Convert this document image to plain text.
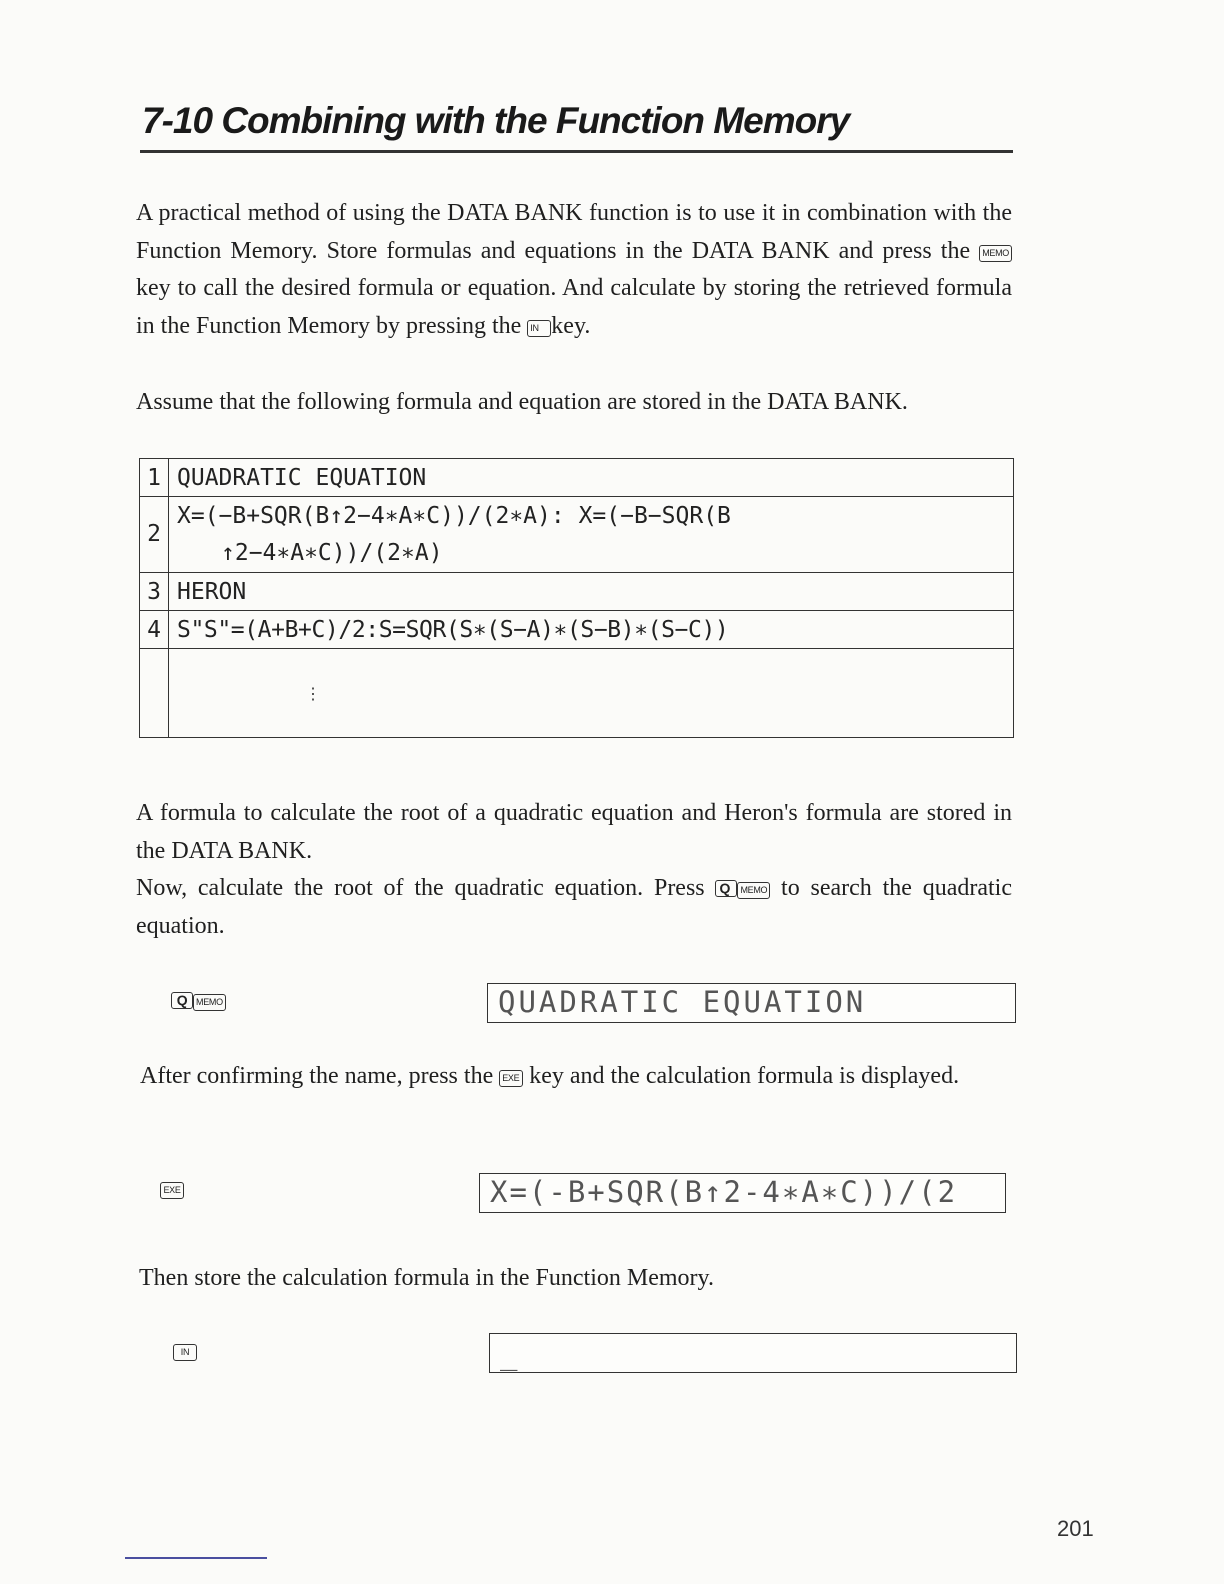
7-10 Combining with the Function Memory

A practical method of using the DATA BANK function is to use it in combination with the Function Memory. Store formulas and equations in the DATA BANK and press the MEMO key to call the desired formula or equation. And calculate by storing the retrieved formula in the Function Memory by pressing the IN key.

Assume that the following formula and equation are stored in the DATA BANK.

1	QUADRATIC EQUATION
2	X=(−B+SQR(B↑2−4∗A∗C))/(2∗A): X=(−B−SQR(B
↑2−4∗A∗C))/(2∗A)

3	HERON
4	S"S"=(A+B+C)/2:S=SQR(S∗(S−A)∗(S−B)∗(S−C))

	⋮

A formula to calculate the root of a quadratic equation and Heron's formula are stored in the DATA BANK.

Now, calculate the root of the quadratic equation. Press Q MEMO to search the quadratic equation.

Q MEMO	QUADRATIC EQUATION

After confirming the name, press the EXE key and the calculation formula is displayed.

EXE	X=(-B+SQR(B↑2-4∗A∗C))/(2

Then store the calculation formula in the Function Memory.

IN	_
201
